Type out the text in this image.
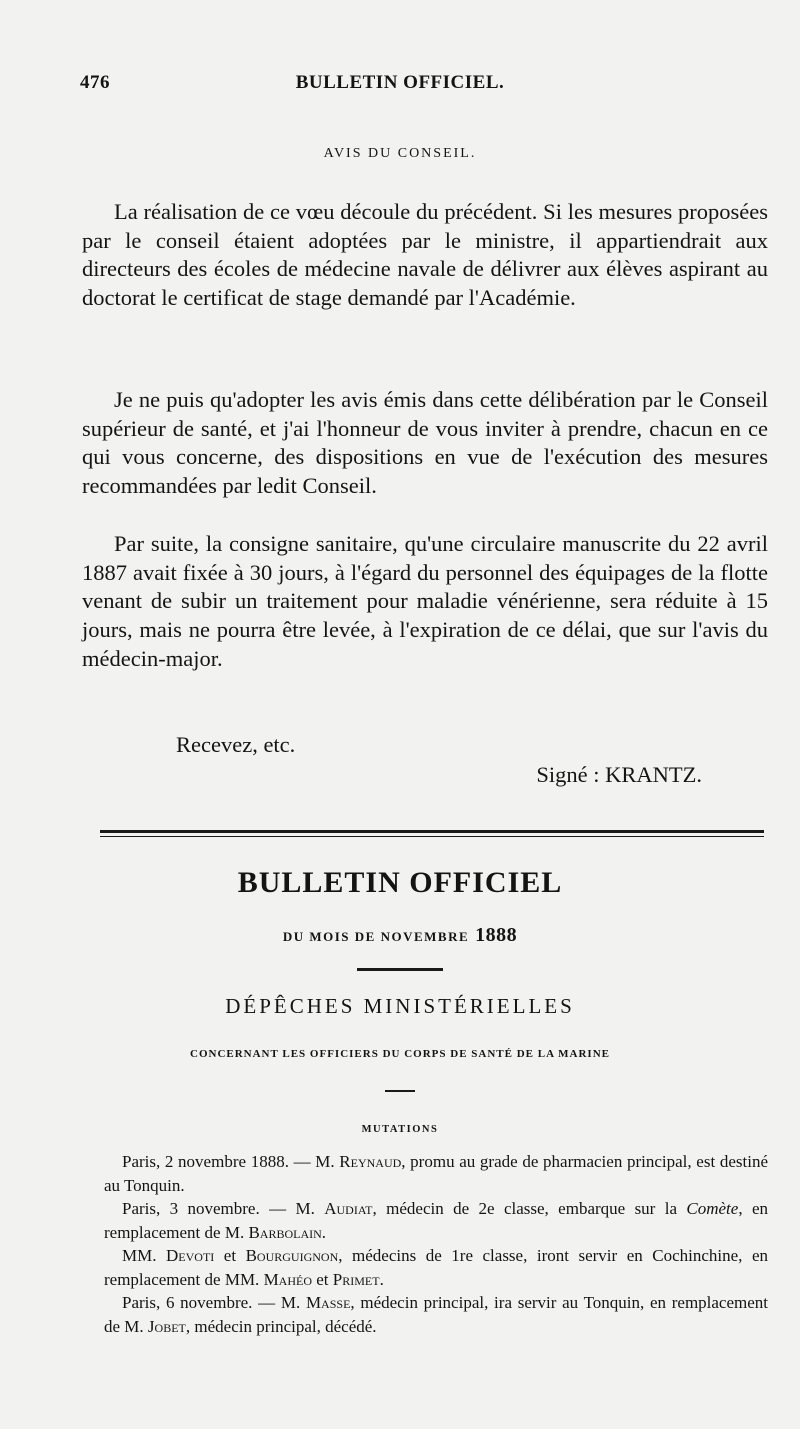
476	BULLETIN OFFICIEL.
AVIS DU CONSEIL.
La réalisation de ce vœu découle du précédent. Si les mesures proposées par le conseil étaient adoptées par le ministre, il appartiendrait aux directeurs des écoles de médecine navale de délivrer aux élèves aspirant au doctorat le certificat de stage demandé par l'Académie.
Je ne puis qu'adopter les avis émis dans cette délibération par le Conseil supérieur de santé, et j'ai l'honneur de vous inviter à prendre, chacun en ce qui vous concerne, des dispositions en vue de l'exécution des mesures recommandées par ledit Conseil.
Par suite, la consigne sanitaire, qu'une circulaire manuscrite du 22 avril 1887 avait fixée à 30 jours, à l'égard du personnel des équipages de la flotte venant de subir un traitement pour maladie vénérienne, sera réduite à 15 jours, mais ne pourra être levée, à l'expiration de ce délai, que sur l'avis du médecin-major.
Recevez, etc.
Signé : KRANTZ.
BULLETIN OFFICIEL
DU MOIS DE NOVEMBRE 1888
DÉPÊCHES MINISTÉRIELLES
CONCERNANT LES OFFICIERS DU CORPS DE SANTÉ DE LA MARINE
MUTATIONS

Paris, 2 novembre 1888. — M. Reynaud, promu au grade de pharmacien principal, est destiné au Tonquin.

Paris, 3 novembre. — M. Audiat, médecin de 2e classe, embarque sur la Comète, en remplacement de M. Barbolain.

MM. Devoti et Bourguignon, médecins de 1re classe, iront servir en Cochinchine, en remplacement de MM. Mahéo et Primet.

Paris, 6 novembre. — M. Masse, médecin principal, ira servir au Tonquin, en remplacement de M. Jobet, médecin principal, décédé.
